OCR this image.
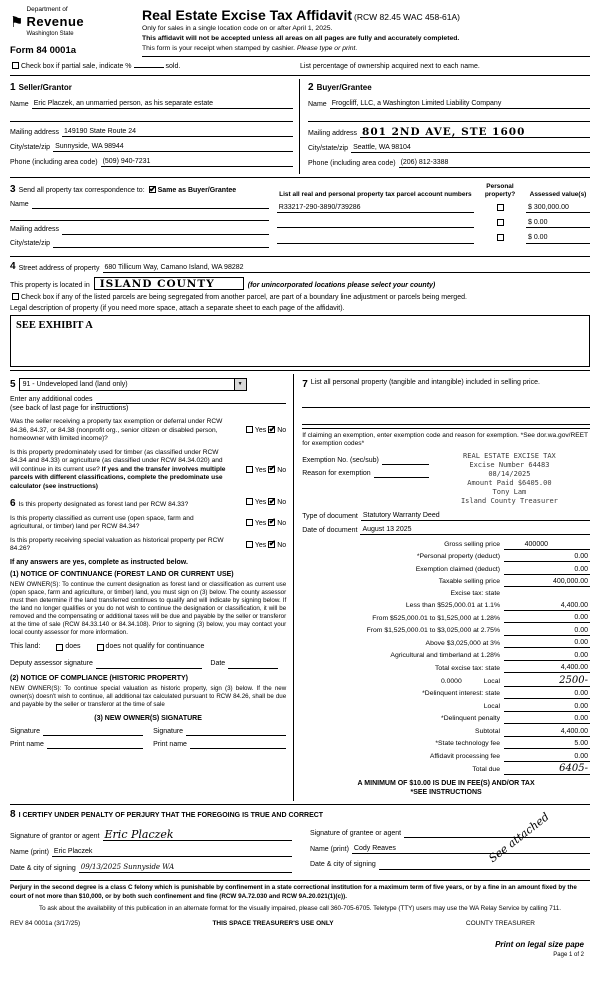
⚑
Department of
Revenue
Washington State
Form 84 0001a
Real Estate Excise Tax Affidavit (RCW 82.45 WAC 458-61A)
Only for sales in a single location code on or after April 1, 2025.
This affidavit will not be accepted unless all areas on all pages are fully and accurately completed.
This form is your receipt when stamped by cashier. Please type or print.
Check box if partial sale, indicate %	sold.	List percentage of ownership acquired next to each name.
1 Seller/Grantor
Name Eric Placzek, an unmarried person, as his separate estate
Mailing address 149190 State Route 24
City/state/zip Sunnyside, WA 98944
Phone (including area code) (509) 940-7231
2 Buyer/Grantee
Name Frogcliff, LLC, a Washington Limited Liability Company
Mailing address 801 2ND AVE, STE 1600
City/state/zip Seattle, WA 98104
Phone (including area code) (206) 812-3388
3 Send all property tax correspondence to: ✔ Same as Buyer/Grantee
Name
Mailing address
City/state/zip
List all real and personal property tax parcel account numbers
Personal property?	Assessed value(s)
R33217-290-3890/739286	$ 300,000.00
$ 0.00
$ 0.00
4 Street address of property 680 Tillicum Way, Camano Island, WA 98282
This property is located in ISLAND COUNTY	(for unincorporated locations please select your county)
Check box if any of the listed parcels are being segregated from another parcel, are part of a boundary line adjustment or parcels being merged.
Legal description of property (if you need more space, attach a separate sheet to each page of the affidavit).
SEE EXHIBIT A
5	91 - Undeveloped land (land only)	▼
Enter any additional codes
(see back of last page for instructions)
Was the seller receiving a property tax exemption or deferral under RCW 84.36, 84.37, or 84.38 (nonprofit org., senior citizen or disabled person, homeowner with limited income)?
Yes ✔ No
Is this property predominately used for timber (as classified under RCW 84.34 and 84.33) or agriculture (as classified under RCW 84.34.020) and will continue in its current use? If yes and the transfer involves multiple parcels with different classifications, complete the predominate use calculator (see instructions)
Yes ✔ No
6 Is this property designated as forest land per RCW 84.33?	Yes ✔ No
Is this property classified as current use (open space, farm and agricultural, or timber) land per RCW 84.34?
Yes ✔ No
Is this property receiving special valuation as historical property per RCW 84.26?
Yes ✔ No
If any answers are yes, complete as instructed below.
(1) NOTICE OF CONTINUANCE (FOREST LAND OR CURRENT USE)
NEW OWNER(S): To continue the current designation as forest land or classification as current use (open space, farm and agriculture, or timber) land, you must sign on (3) below. The county assessor must then determine if the land transferred continues to qualify and will indicate by signing below. If the land no longer qualifies or you do not wish to continue the designation or classification, it will be removed and the compensating or additional taxes will be due and payable by the seller or transferor at the time of sale (RCW 84.33.140 or 84.34.108). Prior to signing (3) below, you may contact your local county assessor for more information.
This land:	does	does not qualify for continuance
Deputy assessor signature	Date
(2) NOTICE OF COMPLIANCE (HISTORIC PROPERTY)
NEW OWNER(S): To continue special valuation as historic property, sign (3) below. If the new owner(s) doesn't wish to continue, all additional tax calculated pursuant to RCW 84.26, shall be due and payable by the seller or transferor at the time of sale
(3) NEW OWNER(S) SIGNATURE
Signature	Signature
Print name	Print name
7 List all personal property (tangible and intangible) included in selling price.
If claiming an exemption, enter exemption code and reason for exemption. *See dor.wa.gov/REET for exemption codes*
Exemption No. (sec/sub)
Reason for exemption
REAL ESTATE EXCISE TAX
Excise Number 64483
08/14/2025
Amount Paid $6405.00
Tony Lam
Island County Treasurer
Type of document Statutory Warranty Deed
Date of document August 13 2025
Gross selling price	400000
*Personal property (deduct)	0.00
Exemption claimed (deduct)	0.00
Taxable selling price	400,000.00
Excise tax: state
Less than $525,000.01 at 1.1%	4,400.00
From $525,000.01 to $1,525,000 at 1.28%	0.00
From $1,525,000.01 to $3,025,000 at 2.75%	0.00
Above $3,025,000 at 3%	0.00
Agricultural and timberland at 1.28%	0.00
Total excise tax: state	4,400.00
0.0000	Local	2500-
*Delinquent interest: state	0.00
Local	0.00
*Delinquent penalty	0.00
Subtotal	4,400.00
*State technology fee	5.00
Affidavit processing fee	0.00
Total due	6405-
A MINIMUM OF $10.00 IS DUE IN FEE(S) AND/OR TAX
*SEE INSTRUCTIONS
8 I CERTIFY UNDER PENALTY OF PERJURY THAT THE FOREGOING IS TRUE AND CORRECT
Signature of grantor or agent Eric Placzek
Name (print) Eric Placzek
Date & city of signing 09/13/2025 Sunnyside WA
Signature of grantee or agent
Name (print) Cody Reaves
Date & city of signing	See attached
Perjury in the second degree is a class C felony which is punishable by confinement in a state correctional institution for a maximum term of five years, or by a fine in an amount fixed by the court of not more than $10,000, or by both such confinement and fine (RCW 9A.72.030 and RCW 9A.20.021(1)(c)).
To ask about the availability of this publication in an alternate format for the visually impaired, please call 360-705-6705. Teletype (TTY) users may use the WA Relay Service by calling 711.
REV 84 0001a (3/17/25)	THIS SPACE TREASURER'S USE ONLY	COUNTY TREASURER
Print on legal size pape
Page 1 of 2
